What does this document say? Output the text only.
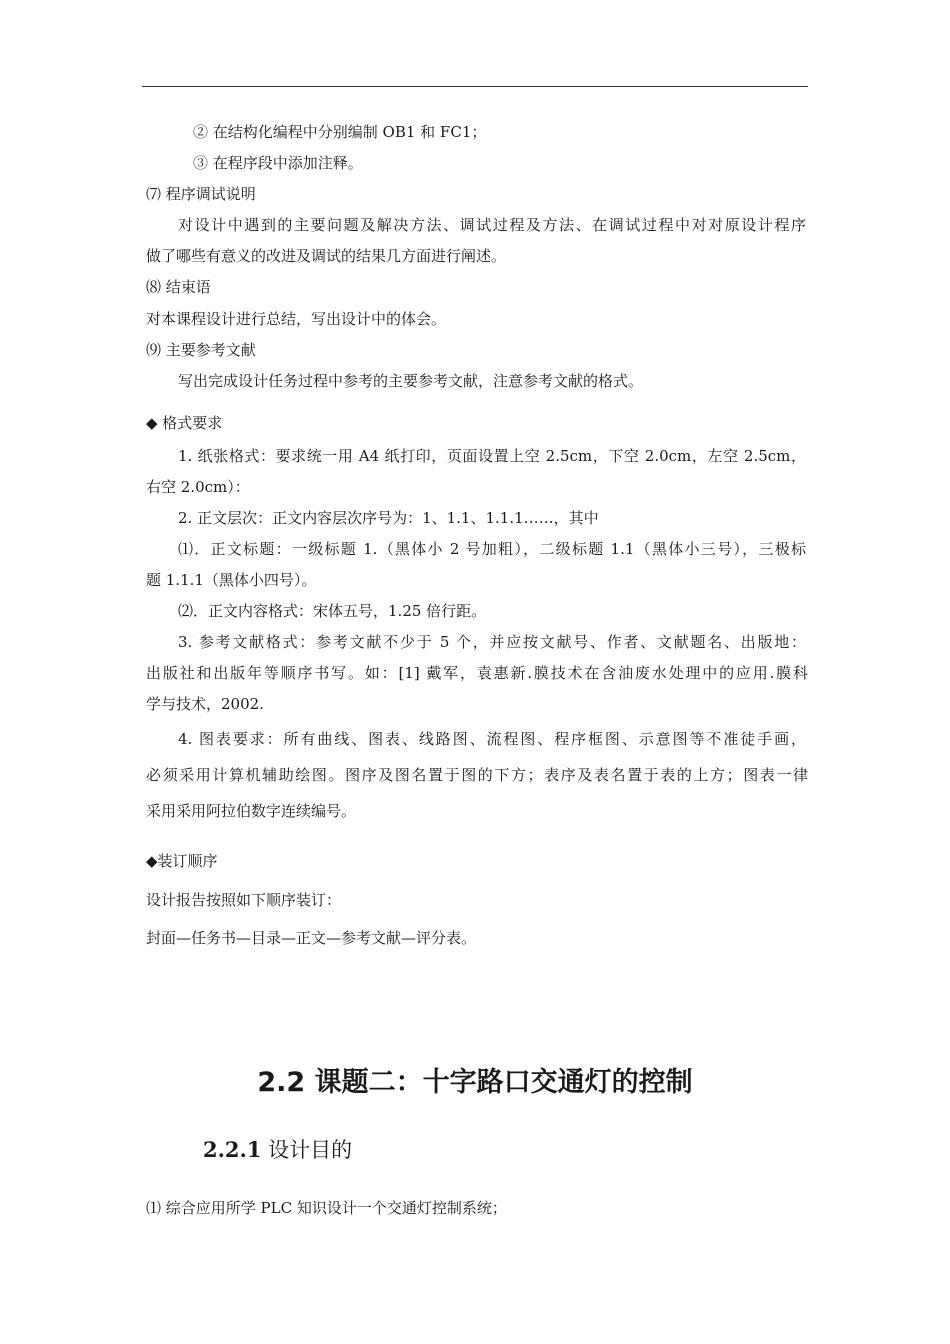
② 在结构化编程中分别编制 OB1 和 FC1；
③ 在程序段中添加注释。
⑺ 程序调试说明
对设计中遇到的主要问题及解决方法、调试过程及方法、在调试过程中对对原设计程序
做了哪些有意义的改进及调试的结果几方面进行阐述。
⑻ 结束语
对本课程设计进行总结，写出设计中的体会。
⑼ 主要参考文献
写出完成设计任务过程中参考的主要参考文献，注意参考文献的格式。
◆ 格式要求
1. 纸张格式：要求统一用 A4 纸打印，页面设置上空 2.5cm，下空 2.0cm，左空 2.5cm，
右空 2.0cm）：
2. 正文层次：正文内容层次序号为：1、1.1、1.1.1……，其中
⑴．正文标题：一级标题 1.（黑体小 2 号加粗），二级标题 1.1（黑体小三号），三极标
题 1.1.1（黑体小四号）。
⑵．正文内容格式：宋体五号，1.25 倍行距。
3. 参考文献格式：参考文献不少于 5 个，并应按文献号、作者、文献题名、出版地：
出版社和出版年等顺序书写。如：[1] 戴军，袁惠新.膜技术在含油废水处理中的应用.膜科
学与技术，2002.
4. 图表要求：所有曲线、图表、线路图、流程图、程序框图、示意图等不准徒手画，
必须采用计算机辅助绘图。图序及图名置于图的下方；表序及表名置于表的上方；图表一律
采用采用阿拉伯数字连续编号。
◆装订顺序
设计报告按照如下顺序装订：
封面—任务书—目录—正文—参考文献—评分表。
2.2 课题二：十字路口交通灯的控制
2.2.1 设计目的
⑴ 综合应用所学 PLC 知识设计一个交通灯控制系统；
